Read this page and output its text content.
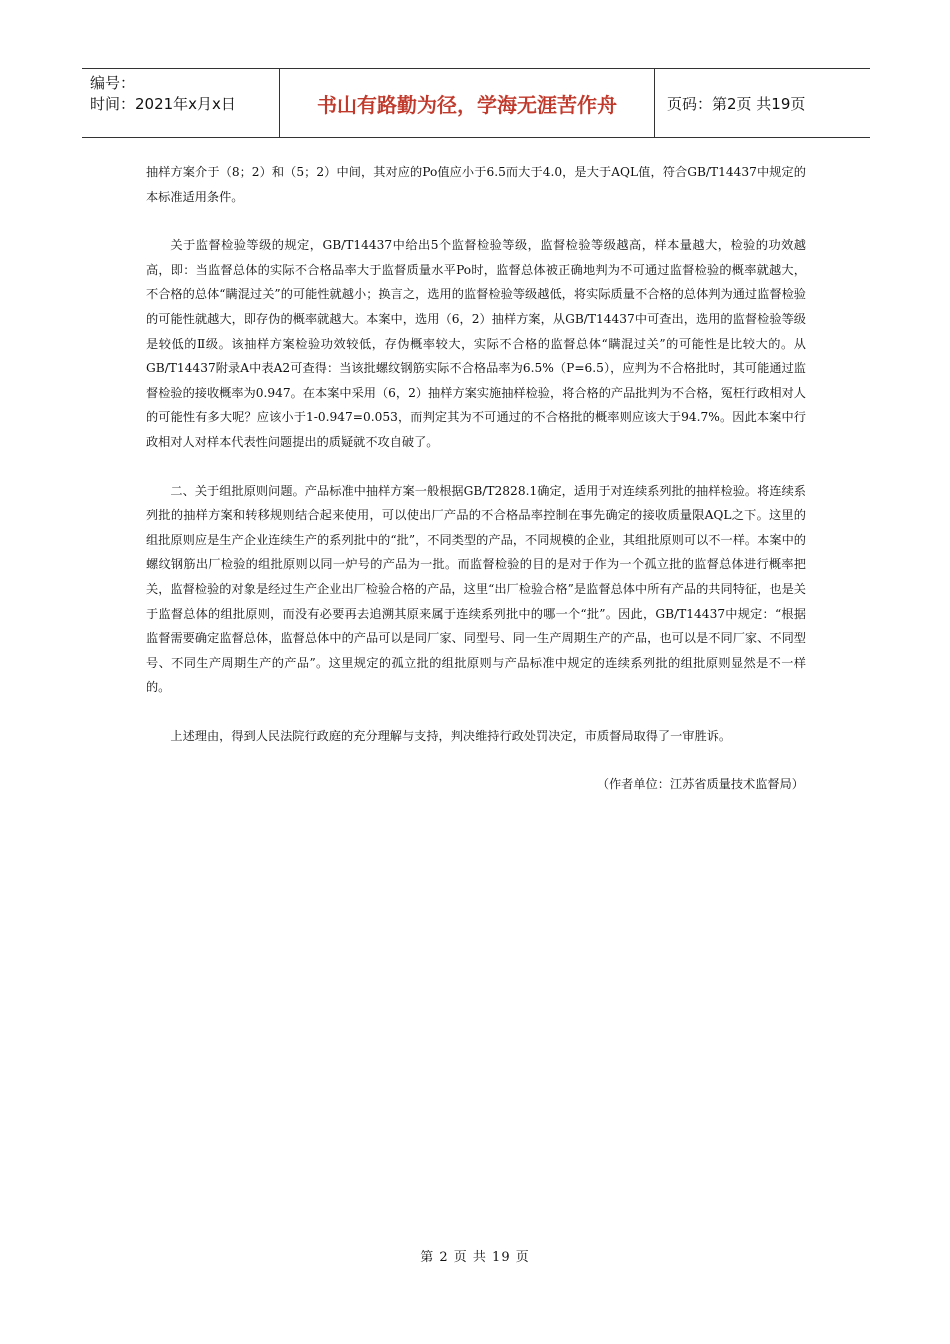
编号：
时间：2021年x月x日	书山有路勤为径，学海无涯苦作舟	页码：第2页 共19页

抽样方案介于（8；2）和（5；2）中间，其对应的Po值应小于6.5而大于4.0，是大于AQL值，符合GB/T14437中规定的本标准适用条件。

关于监督检验等级的规定，GB/T14437中给出5个监督检验等级，监督检验等级越高，样本量越大，检验的功效越高，即：当监督总体的实际不合格品率大于监督质量水平Po时，监督总体被正确地判为不可通过监督检验的概率就越大，不合格的总体“瞒混过关”的可能性就越小；换言之，选用的监督检验等级越低，将实际质量不合格的总体判为通过监督检验的可能性就越大，即存伪的概率就越大。本案中，选用（6，2）抽样方案，从GB/T14437中可查出，选用的监督检验等级是较低的Ⅱ级。该抽样方案检验功效较低，存伪概率较大，实际不合格的监督总体“瞒混过关”的可能性是比较大的。从GB/T14437附录A中表A2可查得：当该批螺纹钢筋实际不合格品率为6.5%（P=6.5），应判为不合格批时，其可能通过监督检验的接收概率为0.947。在本案中采用（6，2）抽样方案实施抽样检验，将合格的产品批判为不合格，冤枉行政相对人的可能性有多大呢？应该小于1-0.947=0.053，而判定其为不可通过的不合格批的概率则应该大于94.7%。因此本案中行政相对人对样本代表性问题提出的质疑就不攻自破了。

二、关于组批原则问题。产品标准中抽样方案一般根据GB/T2828.1确定，适用于对连续系列批的抽样检验。将连续系列批的抽样方案和转移规则结合起来使用，可以使出厂产品的不合格品率控制在事先确定的接收质量限AQL之下。这里的组批原则应是生产企业连续生产的系列批中的“批”，不同类型的产品，不同规模的企业，其组批原则可以不一样。本案中的螺纹钢筋出厂检验的组批原则以同一炉号的产品为一批。而监督检验的目的是对于作为一个孤立批的监督总体进行概率把关，监督检验的对象是经过生产企业出厂检验合格的产品，这里“出厂检验合格”是监督总体中所有产品的共同特征，也是关于监督总体的组批原则，而没有必要再去追溯其原来属于连续系列批中的哪一个“批”。因此，GB/T14437中规定：“根据监督需要确定监督总体，监督总体中的产品可以是同厂家、同型号、同一生产周期生产的产品，也可以是不同厂家、不同型号、不同生产周期生产的产品”。这里规定的孤立批的组批原则与产品标准中规定的连续系列批的组批原则显然是不一样的。

上述理由，得到人民法院行政庭的充分理解与支持，判决维持行政处罚决定，市质督局取得了一审胜诉。

（作者单位：江苏省质量技术监督局）

第 2 页 共 19 页
